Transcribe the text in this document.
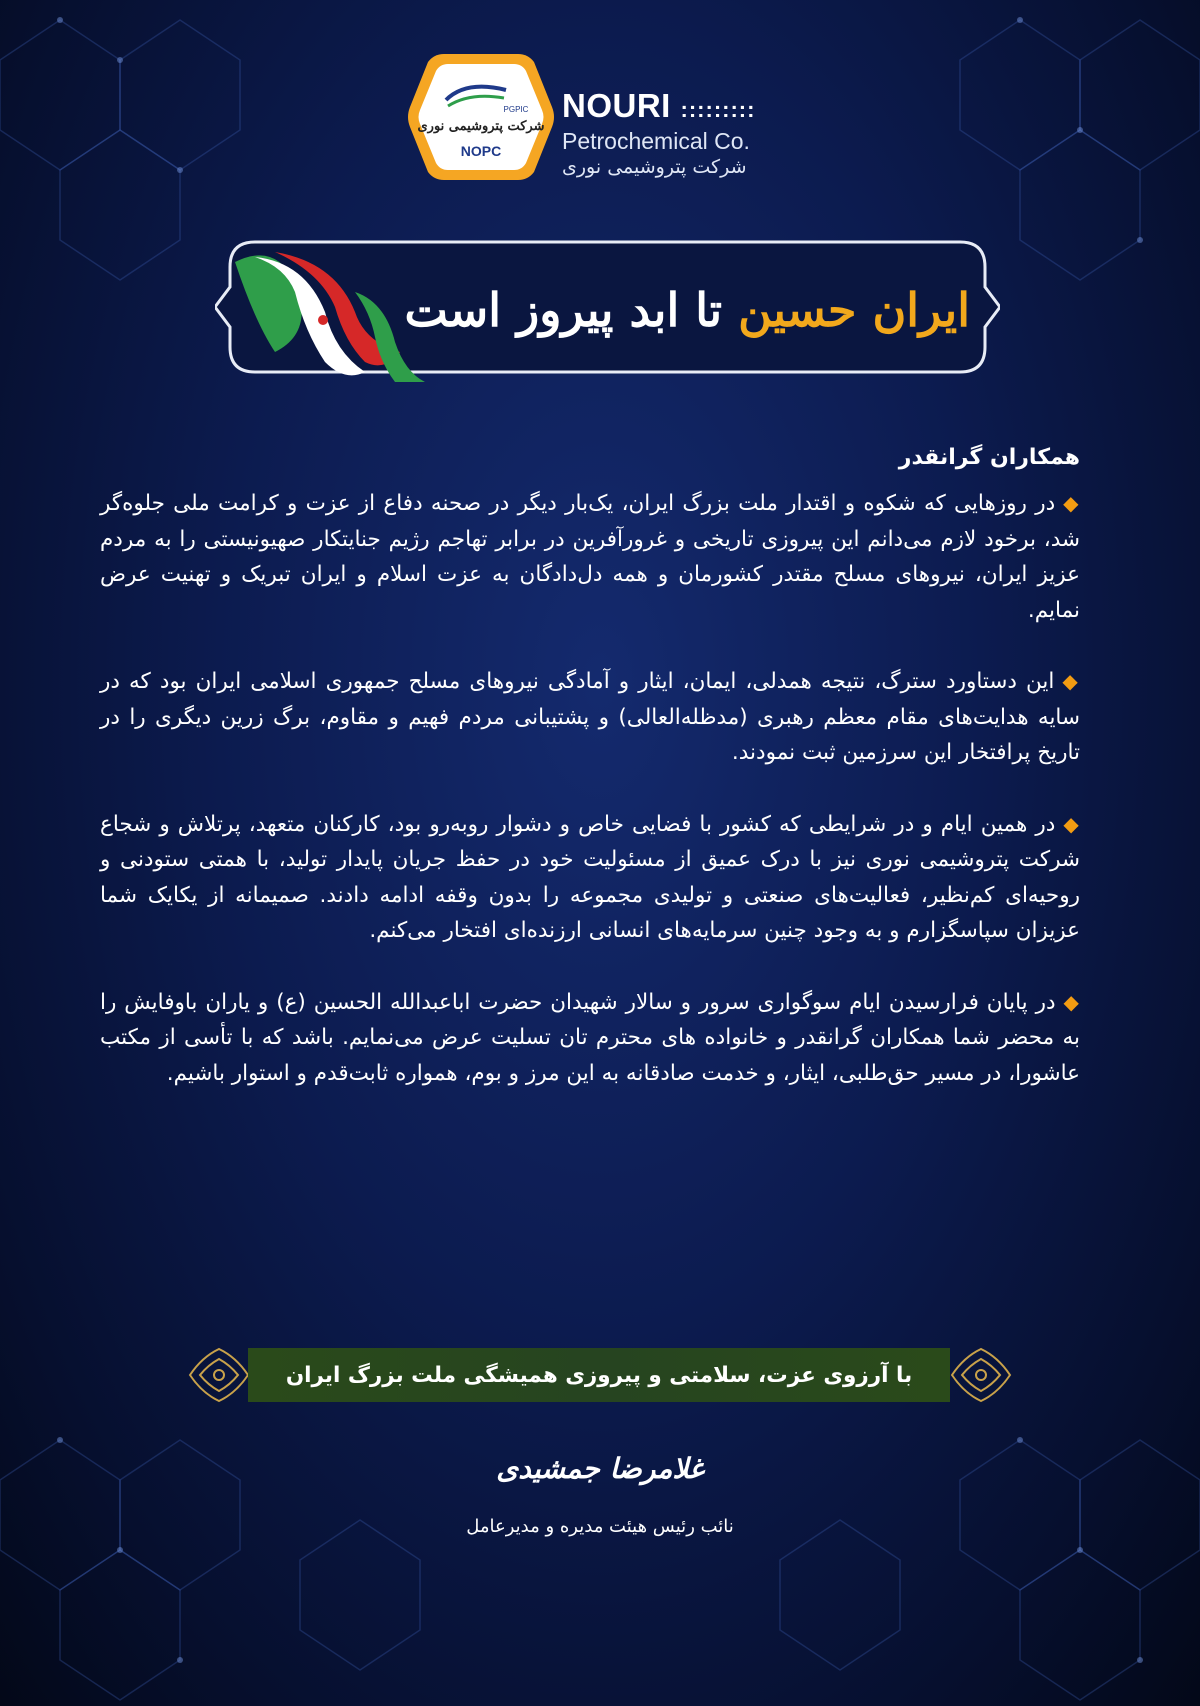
شرکت پتروشیمی نوری
PGPIC
NOPC
NOURI :::::::::
Petrochemical Co.
شرکت پتروشیمی نوری
ایران حسین تا ابد پیروز است
همکاران گرانقدر

◆در روزهایی که شکوه و اقتدار ملت بزرگ ایران، یک‌بار دیگر در صحنه دفاع از عزت و کرامت ملی جلوه‌گر شد، برخود لازم می‌دانم این پیروزی تاریخی و غرورآفرین در برابر تهاجم رژیم جنایتکار صهیونیستی را به مردم عزیز ایران، نیروهای مسلح مقتدر کشورمان و همه دل‌دادگان به عزت اسلام و ایران تبریک و تهنیت عرض نمایم.

◆این دستاورد سترگ، نتیجه همدلی، ایمان، ایثار و آمادگی نیروهای مسلح جمهوری اسلامی ایران بود که در سایه هدایت‌های مقام معظم رهبری (مدظله‌العالی) و پشتیبانی مردم فهیم و مقاوم، برگ زرین دیگری را در تاریخ پرافتخار این سرزمین ثبت نمودند.

◆در همین ایام و در شرایطی که کشور با فضایی خاص و دشوار روبه‌رو بود، کارکنان متعهد، پرتلاش و شجاع شرکت پتروشیمی نوری نیز با درک عمیق از مسئولیت خود در حفظ جریان پایدار تولید، با همتی ستودنی و روحیه‌ای کم‌نظیر، فعالیت‌های صنعتی و تولیدی مجموعه را بدون وقفه ادامه دادند. صمیمانه از یکایک شما عزیزان سپاسگزارم و به وجود چنین سرمایه‌های انسانی ارزنده‌ای افتخار می‌کنم.

◆در پایان فرارسیدن ایام سوگواری سرور و سالار شهیدان حضرت اباعبدالله الحسین (ع) و یاران باوفایش را به محضر شما همکاران گرانقدر و خانواده های محترم تان تسلیت عرض می‌نمایم. باشد که با تأسی از مکتب عاشورا، در مسیر حق‌طلبی، ایثار، و خدمت صادقانه به این مرز و بوم، همواره ثابت‌قدم و استوار باشیم.

با آرزوی عزت، سلامتی و پیروزی همیشگی ملت بزرگ ایران
غلامرضا جمشیدی
نائب رئیس هیئت مدیره و مدیرعامل
